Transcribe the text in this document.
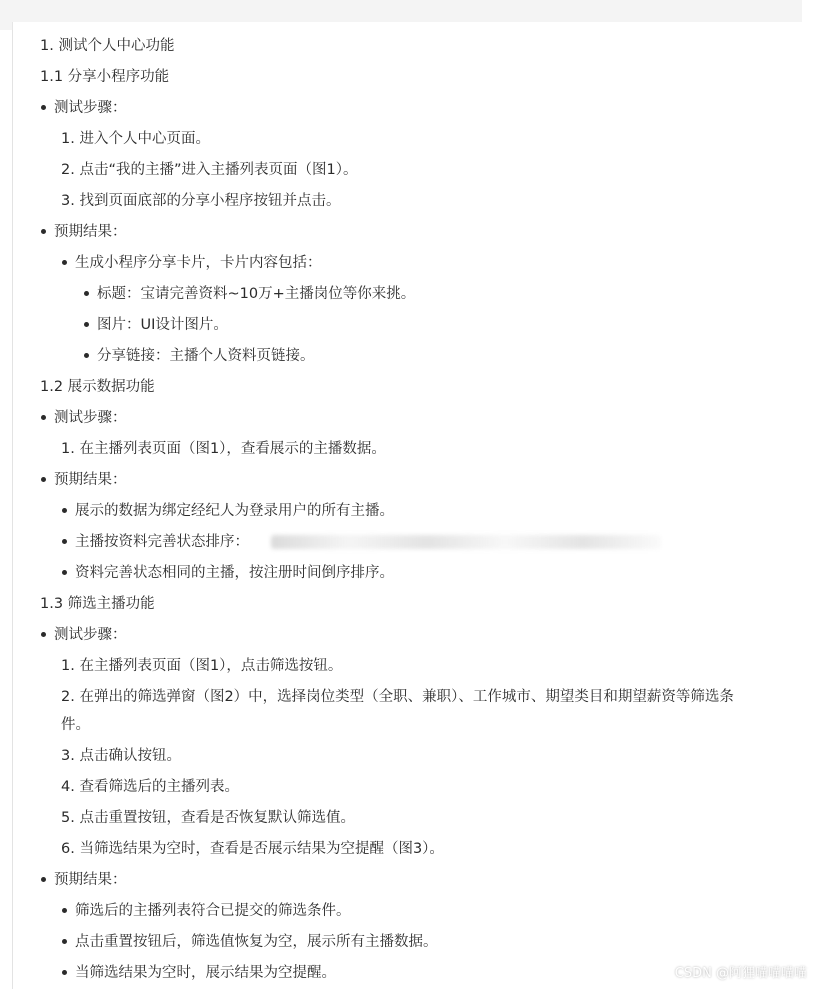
1. 测试个人中心功能
1.1 分享小程序功能
测试步骤：
1. 进入个人中心页面。
2. 点击“我的主播”进入主播列表页面（图1）。
3. 找到页面底部的分享小程序按钮并点击。
预期结果：
生成小程序分享卡片，卡片内容包括：
标题：宝请完善资料~10万+主播岗位等你来挑。
图片：UI设计图片。
分享链接：主播个人资料页链接。
1.2 展示数据功能
测试步骤：
1. 在主播列表页面（图1），查看展示的主播数据。
预期结果：
展示的数据为绑定经纪人为登录用户的所有主播。
主播按资料完善状态排序：
资料完善状态相同的主播，按注册时间倒序排序。
1.3 筛选主播功能
测试步骤：
1. 在主播列表页面（图1），点击筛选按钮。
2. 在弹出的筛选弹窗（图2）中，选择岗位类型（全职、兼职）、工作城市、期望类目和期望薪资等筛选条
件。
3. 点击确认按钮。
4. 查看筛选后的主播列表。
5. 点击重置按钮，查看是否恢复默认筛选值。
6. 当筛选结果为空时，查看是否展示结果为空提醒（图3）。
预期结果：
筛选后的主播列表符合已提交的筛选条件。
点击重置按钮后，筛选值恢复为空，展示所有主播数据。
当筛选结果为空时，展示结果为空提醒。	CSDN @阿狸喵喵喵喵
